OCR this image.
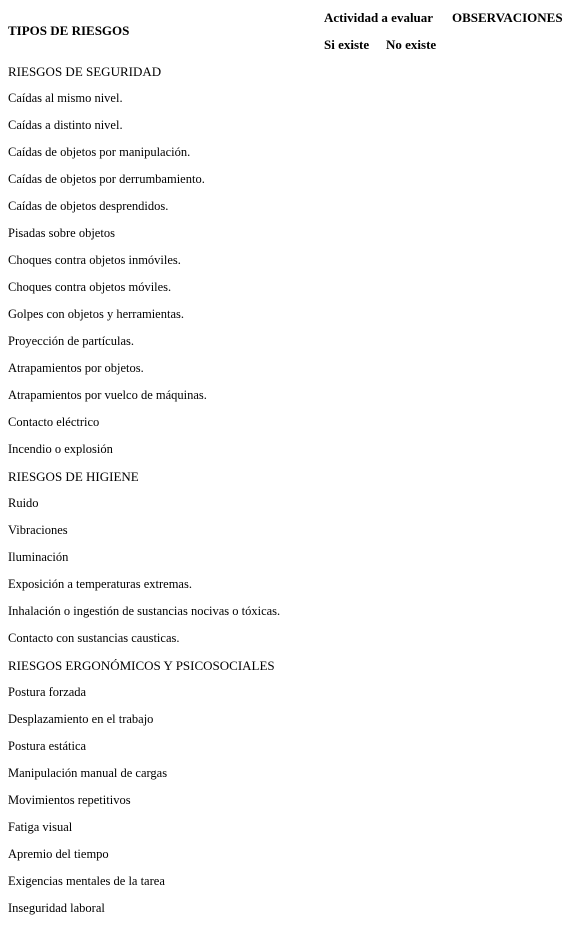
TIPOS DE RIESGOS
Actividad a evaluar OBSERVACIONES
Si existe No existe
RIESGOS DE SEGURIDAD
Caídas al mismo nivel.
Caídas a distinto nivel.
Caídas de objetos por manipulación.
Caídas de objetos por derrumbamiento.
Caídas de objetos desprendidos.
Pisadas sobre objetos
Choques contra objetos inmóviles.
Choques contra objetos móviles.
Golpes con objetos y herramientas.
Proyección de partículas.
Atrapamientos por objetos.
Atrapamientos por vuelco de máquinas.
Contacto eléctrico
Incendio o explosión
RIESGOS DE HIGIENE
Ruido
Vibraciones
Iluminación
Exposición a temperaturas extremas.
Inhalación o ingestión de sustancias nocivas o tóxicas.
Contacto con sustancias causticas.
RIESGOS ERGONÓMICOS Y PSICOSOCIALES
Postura forzada
Desplazamiento en el trabajo
Postura estática
Manipulación manual de cargas
Movimientos repetitivos
Fatiga visual
Apremio del tiempo
Exigencias mentales de la tarea
Inseguridad laboral
